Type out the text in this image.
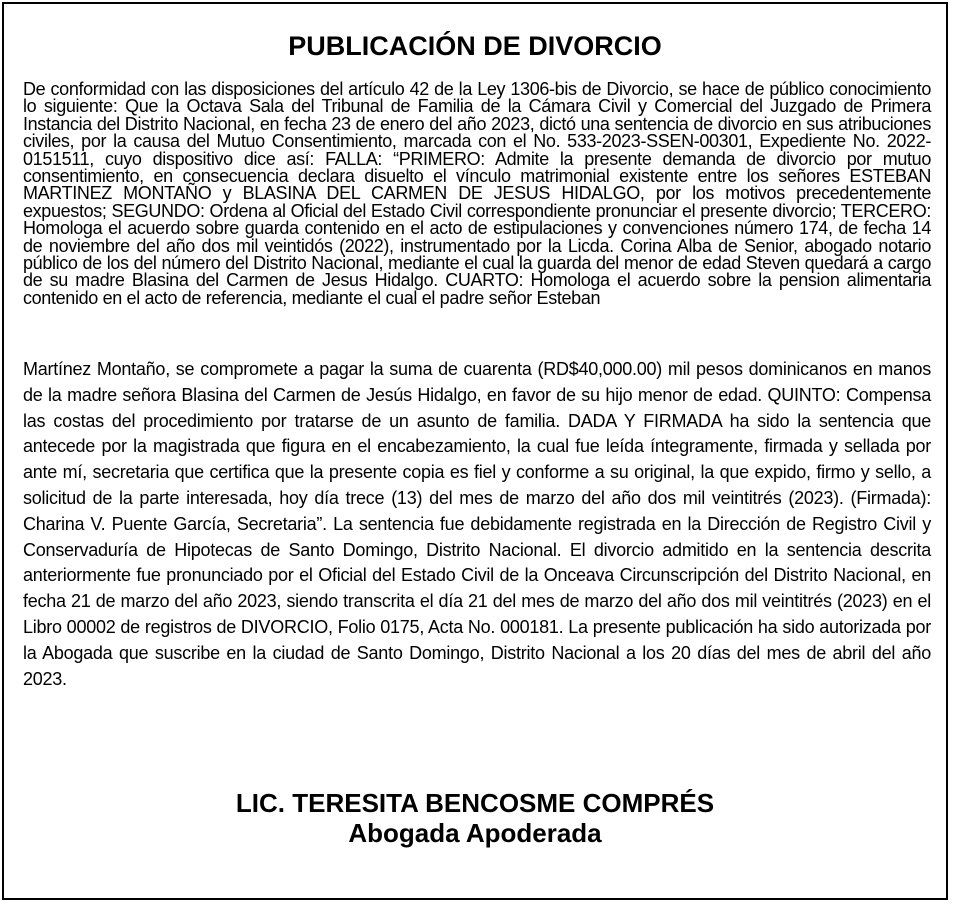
PUBLICACIÓN DE DIVORCIO

De conformidad con las disposiciones del artículo 42 de la Ley 1306-bis de Divorcio, se hace de público conocimiento lo siguiente: Que la Octava Sala del Tribunal de Familia de la Cámara Civil y Comercial del Juzgado de Primera Instancia del Distrito Nacional, en fecha 23 de enero del año 2023, dictó una sentencia de divorcio en sus atribuciones civiles, por la causa del Mutuo Consentimiento, marcada con el No. 533-2023-SSEN-00301, Expediente No. 2022-0151511, cuyo dispositivo dice así: FALLA: “PRIMERO: Admite la presente demanda de divorcio por mutuo consentimiento, en consecuencia declara disuelto el vínculo matrimonial existente entre los señores ESTEBAN MARTINEZ MONTAÑO y BLASINA DEL CARMEN DE JESUS HIDALGO, por los motivos precedentemente expuestos; SEGUNDO: Ordena al Oficial del Estado Civil correspondiente pronunciar el presente divorcio; TERCERO: Homologa el acuerdo sobre guarda contenido en el acto de estipulaciones y convenciones número 174, de fecha 14 de noviembre del año dos mil veintidós (2022), instrumentado por la Licda. Corina Alba de Senior, abogado notario público de los del número del Distrito Nacional, mediante el cual la guarda del menor de edad Steven quedará a cargo de su madre Blasina del Carmen de Jesus Hidalgo. CUARTO: Homologa el acuerdo sobre la pension alimentaria contenido en el acto de referencia, mediante el cual el padre señor Esteban

Martínez Montaño, se compromete a pagar la suma de cuarenta (RD$40,000.00) mil pesos dominicanos en manos de la madre señora Blasina del Carmen de Jesús Hidalgo, en favor de su hijo menor de edad. QUINTO: Compensa las costas del procedimiento por tratarse de un asunto de familia. DADA Y FIRMADA ha sido la sentencia que antecede por la magistrada que figura en el encabezamiento, la cual fue leída íntegramente, firmada y sellada por ante mí, secretaria que certifica que la presente copia es fiel y conforme a su original, la que expido, firmo y sello, a solicitud de la parte interesada, hoy día trece (13) del mes de marzo del año dos mil veintitrés (2023). (Firmada): Charina V. Puente García, Secretaria”. La sentencia fue debidamente registrada en la Dirección de Registro Civil y Conservaduría de Hipotecas de Santo Domingo, Distrito Nacional. El divorcio admitido en la sentencia descrita anteriormente fue pronunciado por el Oficial del Estado Civil de la Onceava Circunscripción del Distrito Nacional, en fecha 21 de marzo del año 2023, siendo transcrita el día 21 del mes de marzo del año dos mil veintitrés (2023) en el Libro 00002 de registros de DIVORCIO, Folio 0175, Acta No. 000181. La presente publicación ha sido autorizada por la Abogada que suscribe en la ciudad de Santo Domingo, Distrito Nacional a los 20 días del mes de abril del año 2023.

LIC. TERESITA BENCOSME COMPRÉS
Abogada Apoderada
